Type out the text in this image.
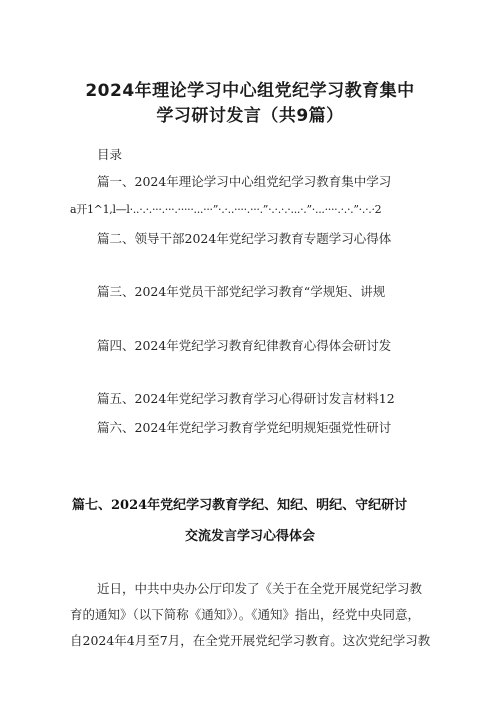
2024年理论学习中心组党纪学习教育集中
学习研讨发言（共9篇）
目录
篇一、2024年理论学习中心组党纪学习教育集中学习
a开1^1,l—l·..·.·.···.···.·····...···”·.·..····.···.”·.·.·.·...·.”·...····.·.·.”·.·.·2
篇二、领导干部2024年党纪学习教育专题学习心得体
篇三、2024年党员干部党纪学习教育“学规矩、讲规
篇四、2024年党纪学习教育纪律教育心得体会研讨发
篇五、2024年党纪学习教育学习心得研讨发言材料12
篇六、2024年党纪学习教育学党纪明规矩强党性研讨
篇七、2024年党纪学习教育学纪、知纪、明纪、守纪研讨
交流发言学习心得体会
近日，中共中央办公厅印发了《关于在全党开展党纪学习教
育的通知》（以下简称《通知》）。《通知》指出，经党中央同意，
自2024年4月至7月，在全党开展党纪学习教育。这次党纪学习教
